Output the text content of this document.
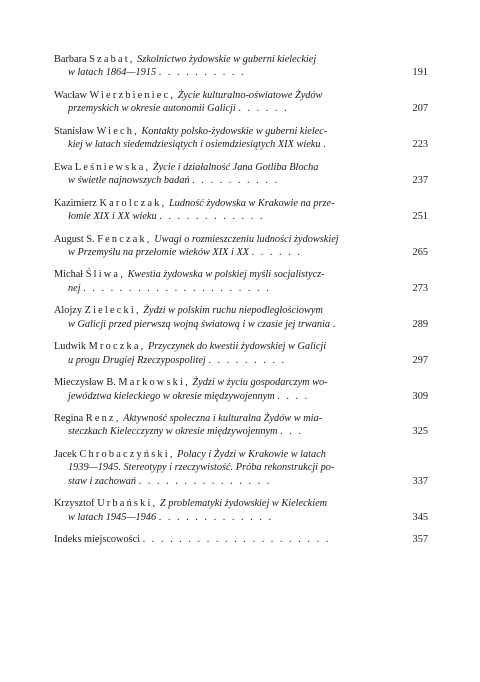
Barbara Szabat, Szkolnictwo żydowskie w guberni kieleckiej
w latach 1864—1915 . . . . . . . . . .	191
Wacław Wierzbieniec, Życie kulturalno-oświatowe Żydów
przemyskich w okresie autonomii Galicji . . . . . .	207
Stanisław Wiech, Kontakty polsko-żydowskie w guberni kielec-
kiej w latach siedemdziesiątych i osiemdziesiątych XIX wieku .	223
Ewa Leśniewska, Życie i działalność Jana Gotliba Blocha
w świetle najnowszych badań . . . . . . . . . .	237
Kazimierz Karolczak, Ludność żydowska w Krakowie na prze-
łomie XIX i XX wieku . . . . . . . . . . . .	251
August S. Fenczak, Uwagi o rozmieszczeniu ludności żydowskiej
w Przemyślu na przełomie wieków XIX i XX . . . . . .	265
Michał Śliwa, Kwestia żydowska w polskiej myśli socjalistycz-
nej . . . . . . . . . . . . . . . . . . . . .	273
Alojzy Zielecki, Żydzi w polskim ruchu niepodległościowym
w Galicji przed pierwszą wojną światową i w czasie jej trwania .	289
Ludwik Mroczka, Przyczynek do kwestii żydowskiej w Galicji
u progu Drugiej Rzeczypospolitej . . . . . . . . .	297
Mieczysław B. Markowski, Żydzi w życiu gospodarczym wo-
jewództwa kieleckiego w okresie międzywojennym . . . .	309
Regina Renz, Aktywność społeczna i kulturalna Żydów w mia-
steczkach Kielecczyzny w okresie międzywojennym . . .	325
Jacek Chrobaczyński, Polacy i Żydzi w Krakowie w latach
1939—1945. Stereotypy i rzeczywistość. Próba rekonstrukcji po-
staw i zachowań . . . . . . . . . . . . . . .	337
Krzysztof Urbański, Z problematyki żydowskiej w Kieleckiem
w latach 1945—1946 . . . . . . . . . . . . .	345
Indeks miejscowości . . . . . . . . . . . . . . . . . . . . .	357
